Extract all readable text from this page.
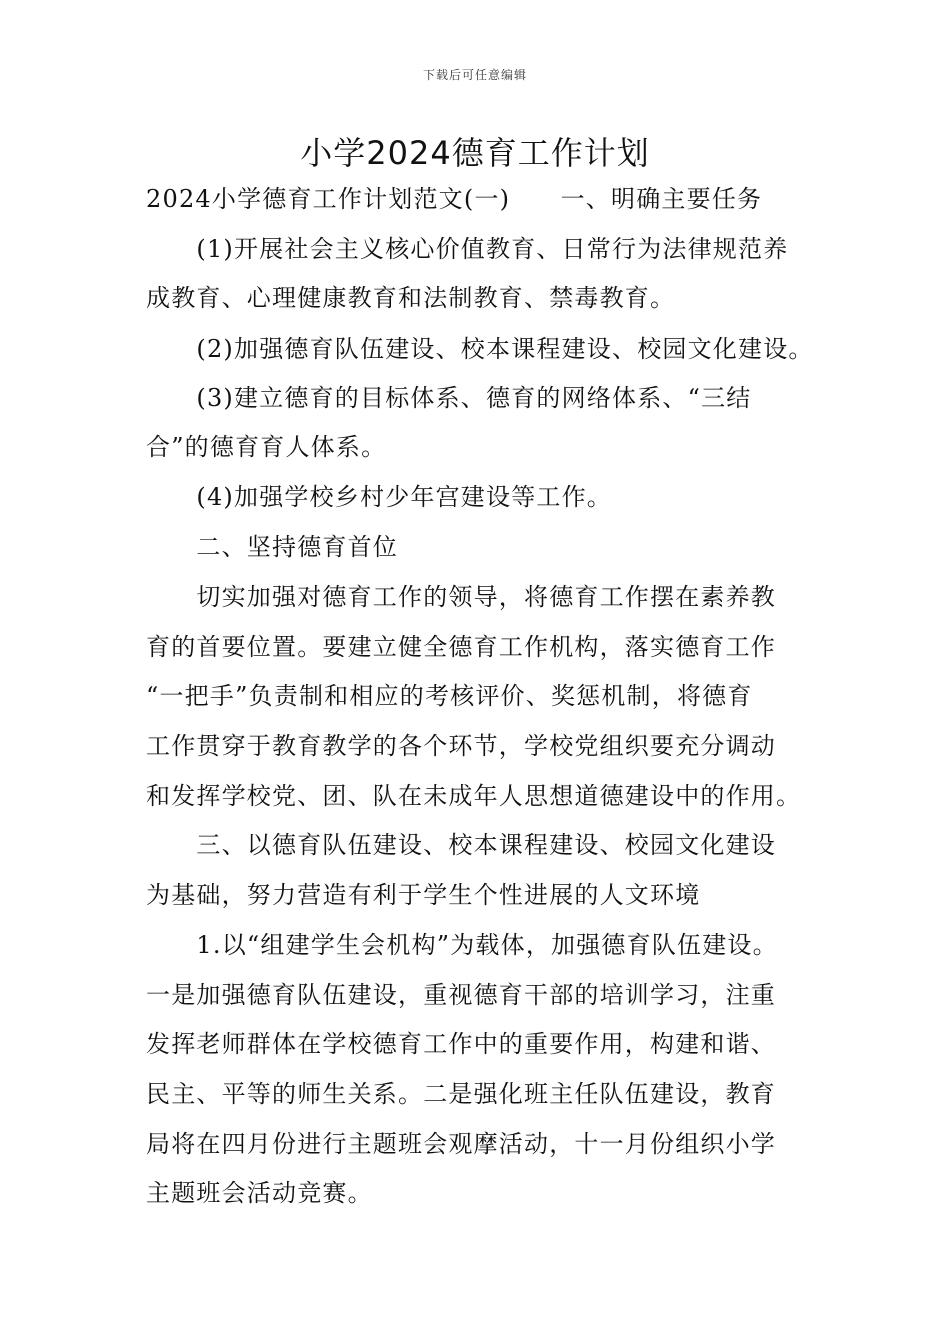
下载后可任意编辑
小学2024德育工作计划
2024小学德育工作计划范文(一)　　一、明确主要任务
　　(1)开展社会主义核心价值教育、日常行为法律规范养
成教育、心理健康教育和法制教育、禁毒教育。
　　(2)加强德育队伍建设、校本课程建设、校园文化建设。
　　(3)建立德育的目标体系、德育的网络体系、“三结
合”的德育育人体系。
　　(4)加强学校乡村少年宫建设等工作。
　　二、坚持德育首位
　　切实加强对德育工作的领导，将德育工作摆在素养教
育的首要位置。要建立健全德育工作机构，落实德育工作
“一把手”负责制和相应的考核评价、奖惩机制，将德育
工作贯穿于教育教学的各个环节，学校党组织要充分调动
和发挥学校党、团、队在未成年人思想道德建设中的作用。
　　三、以德育队伍建设、校本课程建设、校园文化建设
为基础，努力营造有利于学生个性进展的人文环境
　　1.以“组建学生会机构”为载体，加强德育队伍建设。
一是加强德育队伍建设，重视德育干部的培训学习，注重
发挥老师群体在学校德育工作中的重要作用，构建和谐、
民主、平等的师生关系。二是强化班主任队伍建设，教育
局将在四月份进行主题班会观摩活动，十一月份组织小学
主题班会活动竞赛。
